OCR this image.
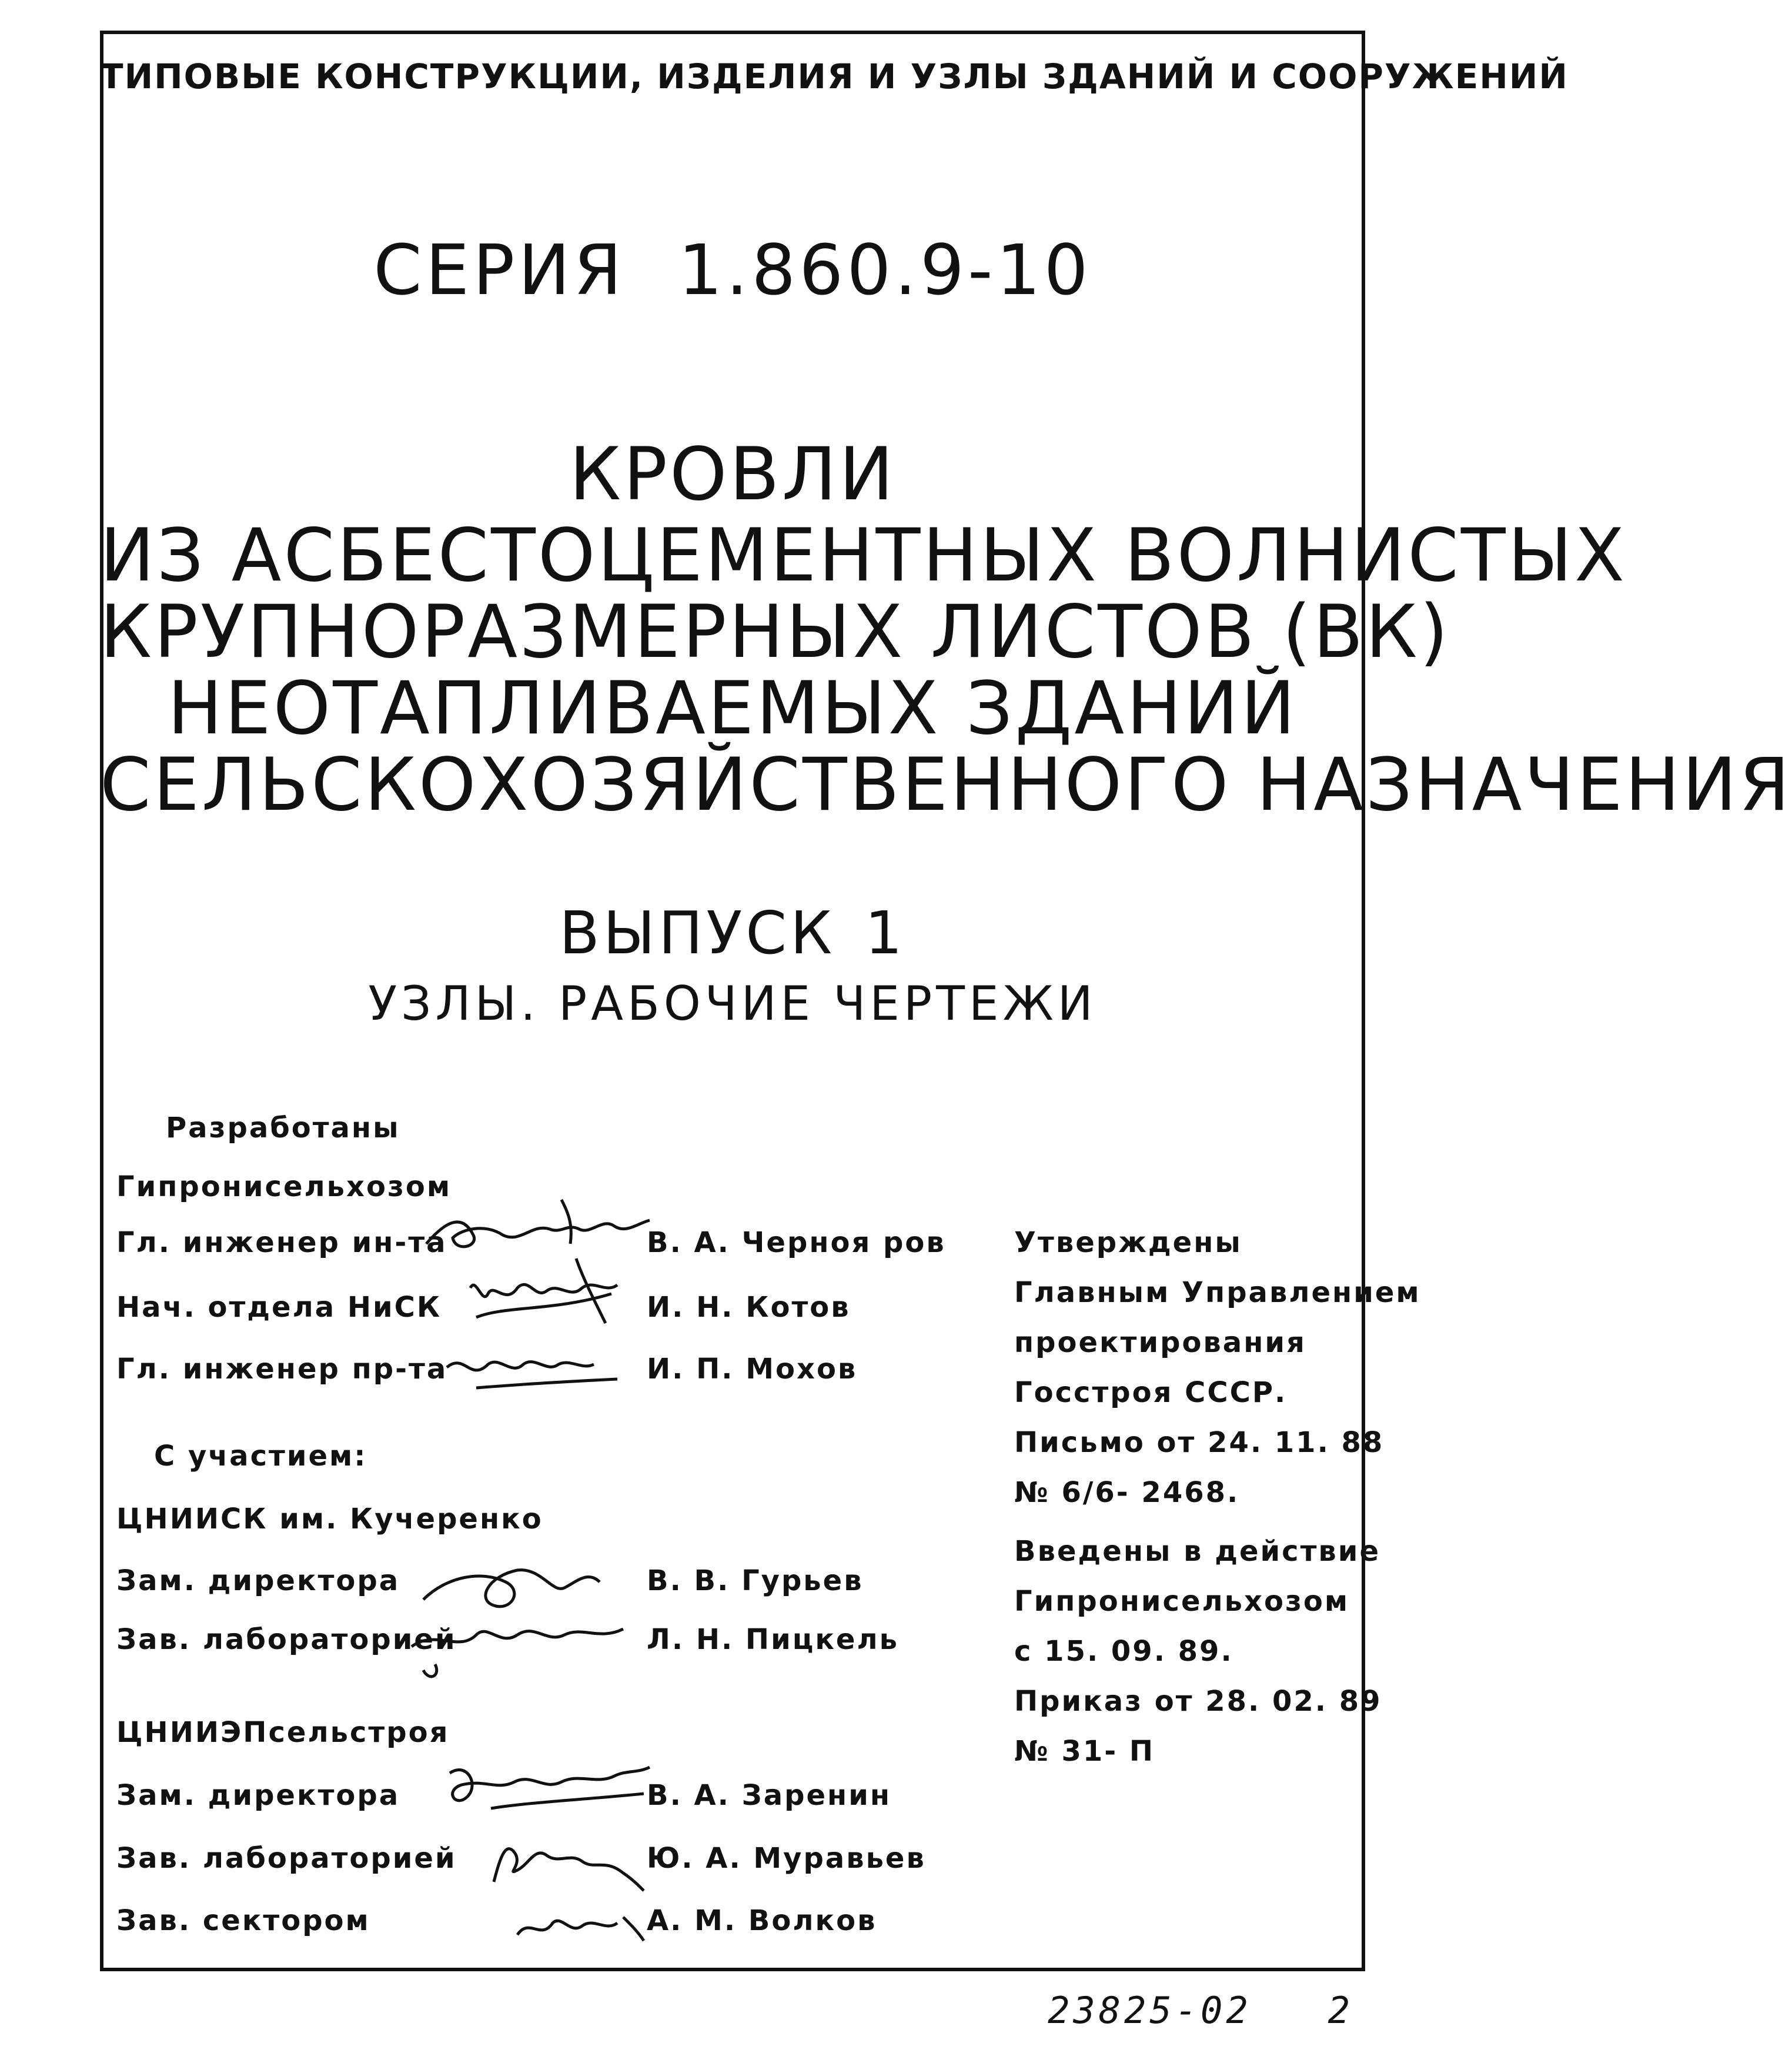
ТИПОВЫЕ КОНСТРУКЦИИ, ИЗДЕЛИЯ И УЗЛЫ ЗДАНИЙ И СООРУЖЕНИЙ
СЕРИЯ 1.860.9-10
КРОВЛИ
ИЗ АСБЕСТОЦЕМЕНТНЫХ ВОЛНИСТЫХ
КРУПНОРАЗМЕРНЫХ ЛИСТОВ (ВК)
НЕОТАПЛИВАЕМЫХ ЗДАНИЙ
СЕЛЬСКОХОЗЯЙСТВЕННОГО НАЗНАЧЕНИЯ
ВЫПУСК 1
УЗЛЫ. РАБОЧИЕ ЧЕРТЕЖИ
Разработаны
Гипронисельхозом
Гл. инженер ин-та	В. А. Черноя ров
Нач. отдела НиСК	И. Н. Котов
Гл. инженер пр-та	И. П. Мохов
С участием:
ЦНИИСК им. Кучеренко
Зам. директора	В. В. Гурьев
Зав. лабораторией	Л. Н. Пицкель
ЦНИИЭПсельстроя
Зам. директора	В. А. Заренин
Зав. лабораторией	Ю. А. Муравьев
Зав. сектором	А. М. Волков
Утверждены
Главным Управлением
проектирования
Госстроя СССР.
Письмо от 24. 11. 88
№ 6/6- 2468.
Введены в действие
Гипронисельхозом
с 15. 09. 89.
Приказ от 28. 02. 89
№ 31- П
23825-02 2
